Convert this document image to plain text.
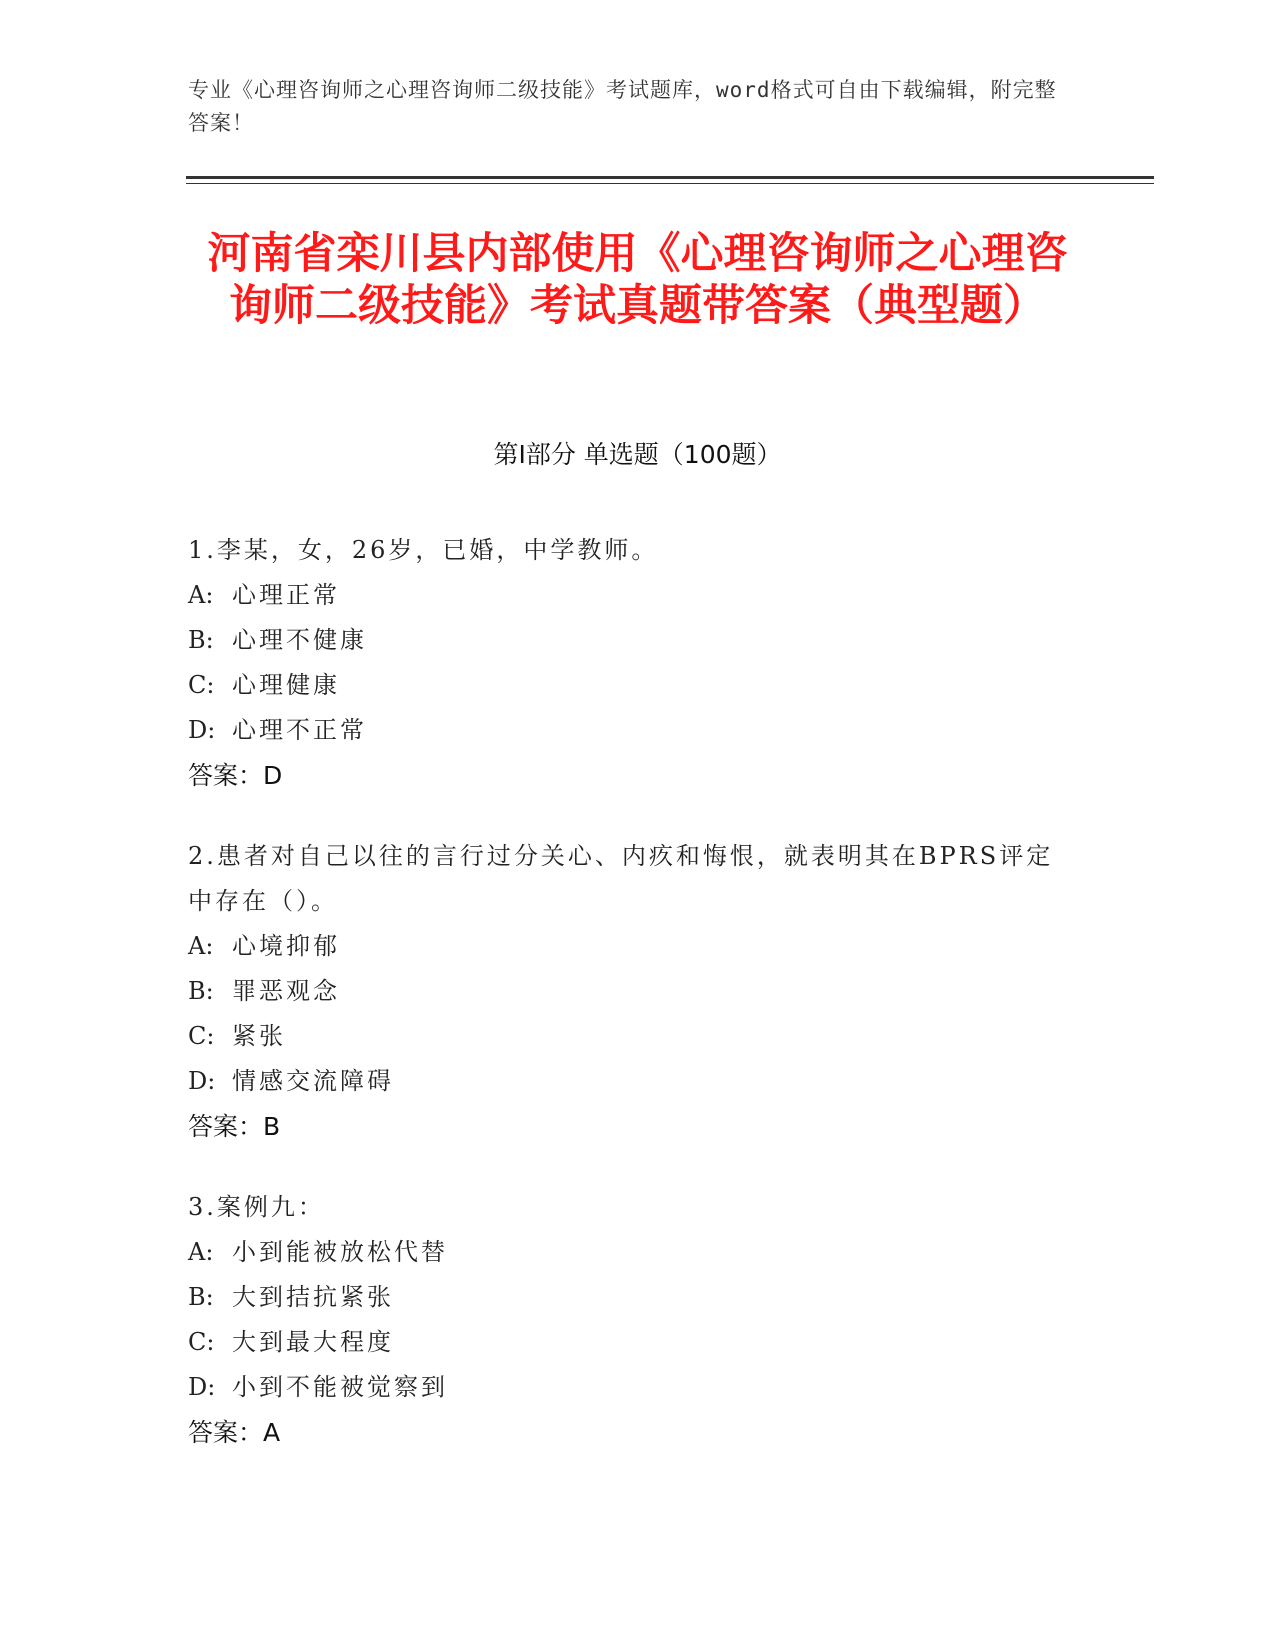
专业《心理咨询师之心理咨询师二级技能》考试题库，word格式可自由下载编辑，附完整答案！
河南省栾川县内部使用《心理咨询师之心理咨询师二级技能》考试真题带答案（典型题）
第I部分 单选题（100题）
1.李某，女，26岁，已婚，中学教师。
A: 心理正常
B: 心理不健康
C: 心理健康
D: 心理不正常
答案：D
2.患者对自己以往的言行过分关心、内疚和悔恨，就表明其在BPRS评定中存在（）。
A: 心境抑郁
B: 罪恶观念
C: 紧张
D: 情感交流障碍
答案：B
3.案例九：
A: 小到能被放松代替
B: 大到拮抗紧张
C: 大到最大程度
D: 小到不能被觉察到
答案：A
